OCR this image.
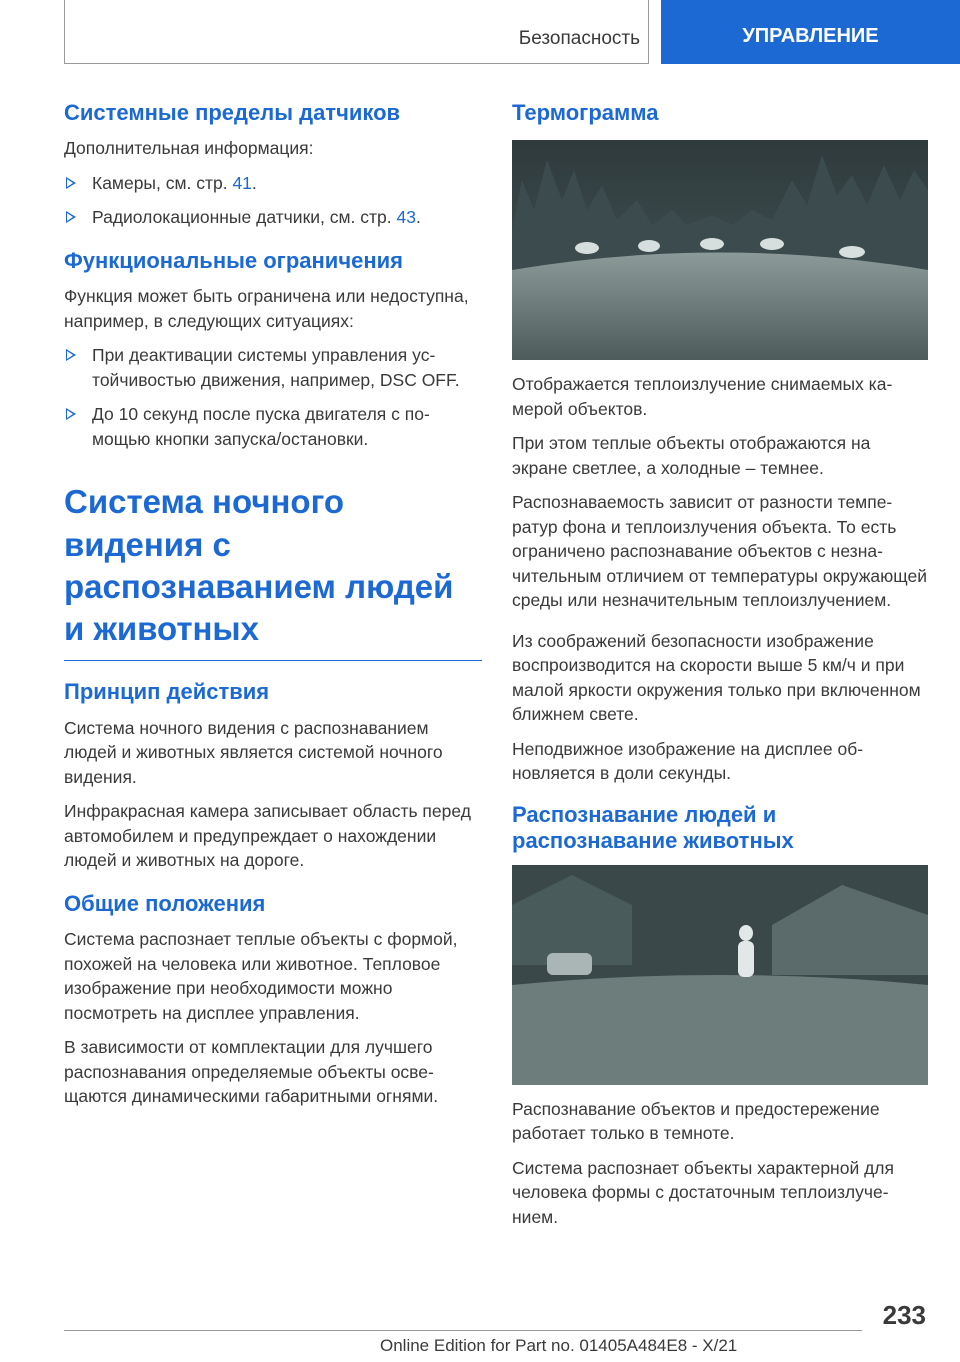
Безопасность	УПРАВЛЕНИЕ
Системные пределы датчиков

Дополнительная информация:

Камеры, см. стр. 41.
Радиолокационные датчики, см. стр. 43.
Функциональные ограничения

Функция может быть ограничена или недоступна, например, в следующих ситуациях:

При деактивации системы управления устойчивостью движения, например, DSC OFF.
До 10 секунд после пуска двигателя с помощью кнопки запуска/остановки.
Система ночного видения с распознаванием людей и животных
Принцип действия

Система ночного видения с распознаванием людей и животных является системой ночного видения.

Инфракрасная камера записывает область перед автомобилем и предупреждает о нахождении людей и животных на дороге.

Общие положения

Система распознает теплые объекты с формой, похожей на человека или животное. Тепловое изображение при необходимости можно посмотреть на дисплее управления.

В зависимости от комплектации для лучшего распознавания определяемые объекты освещаются динамическими габаритными огнями.

Термограмма

Отображается теплоизлучение снимаемых камерой объектов.

При этом теплые объекты отображаются на экране светлее, а холодные – темнее.

Распознаваемость зависит от разности температур фона и теплоизлучения объекта. То есть ограничено распознавание объектов с незначительным отличием от температуры окружающей среды или незначительным теплоизлучением.

Из соображений безопасности изображение воспроизводится на скорости выше 5 км/ч и при малой яркости окружения только при включенном ближнем свете.

Неподвижное изображение на дисплее обновляется в доли секунды.

Распознавание людей и распознавание животных

Распознавание объектов и предостережение работает только в темноте.

Система распознает объекты характерной для человека формы с достаточным теплоизлучением.

233
Online Edition for Part no. 01405A484E8 - X/21
